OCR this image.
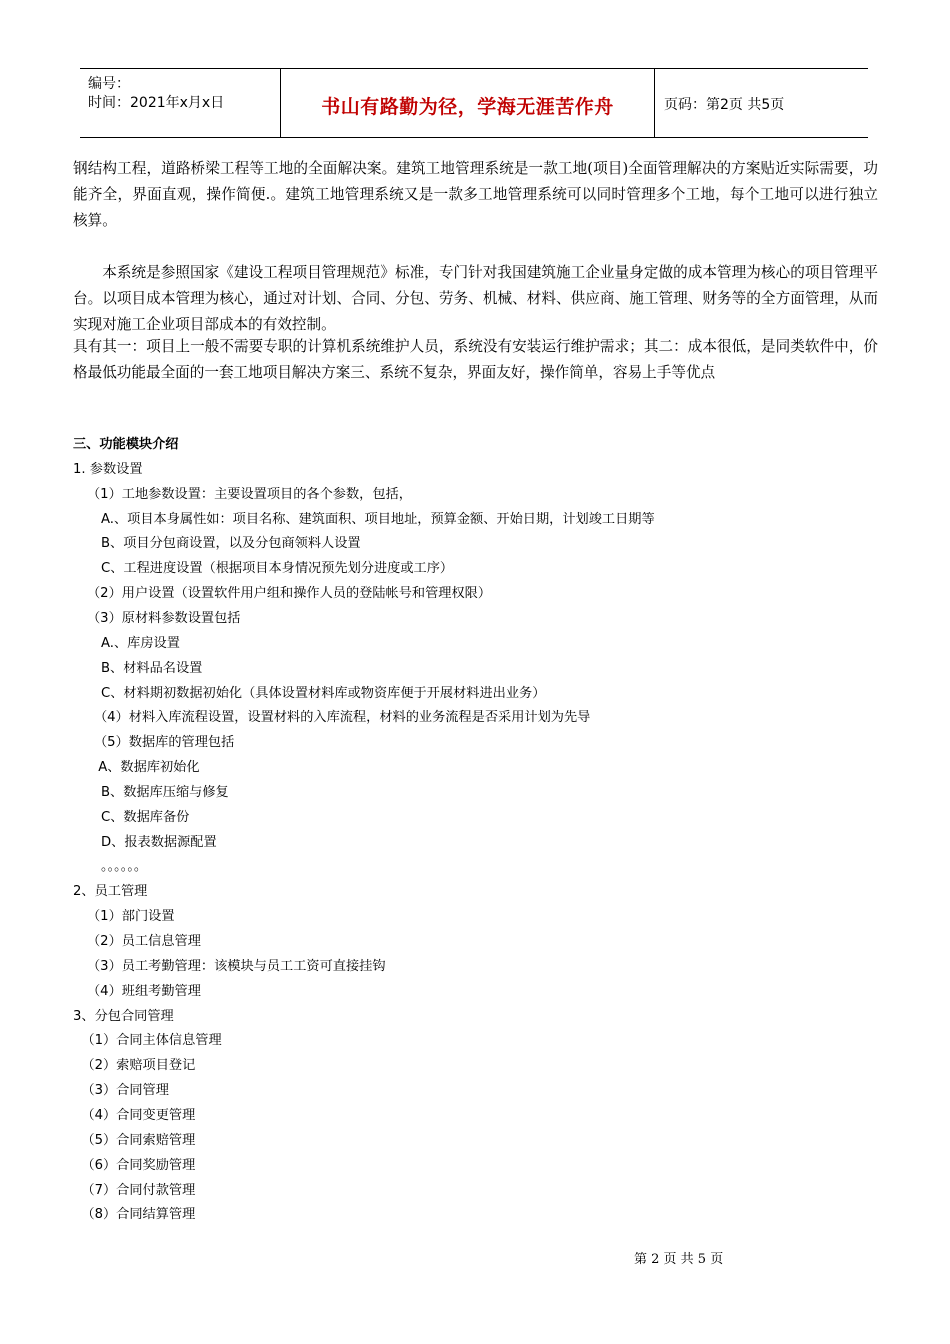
编号：
时间：2021年x月x日	书山有路勤为径，学海无涯苦作舟	页码：第2页 共5页

钢结构工程，道路桥梁工程等工地的全面解决案。建筑工地管理系统是一款工地(项目)全面管理解决的方案贴近实际需要，功能齐全，界面直观，操作简便.。建筑工地管理系统又是一款多工地管理系统可以同时管理多个工地，每个工地可以进行独立核算。

本系统是参照国家《建设工程项目管理规范》标准，专门针对我国建筑施工企业量身定做的成本管理为核心的项目管理平台。以项目成本管理为核心，通过对计划、合同、分包、劳务、机械、材料、供应商、施工管理、财务等的全方面管理，从而实现对施工企业项目部成本的有效控制。

具有其一：项目上一般不需要专职的计算机系统维护人员，系统没有安装运行维护需求；其二：成本很低，是同类软件中，价格最低功能最全面的一套工地项目解决方案三、系统不复杂，界面友好，操作简单，容易上手等优点

三、功能模块介绍
1. 参数设置
（1）工地参数设置：主要设置项目的各个参数，包括，
A.、项目本身属性如：项目名称、建筑面积、项目地址，预算金额、开始日期，计划竣工日期等
B、项目分包商设置，以及分包商领料人设置
C、工程进度设置（根据项目本身情况预先划分进度或工序）
（2）用户设置（设置软件用户组和操作人员的登陆帐号和管理权限）
（3）原材料参数设置包括
A.、库房设置
B、材料品名设置
C、材料期初数据初始化（具体设置材料库或物资库便于开展材料进出业务）
（4）材料入库流程设置，设置材料的入库流程，材料的业务流程是否采用计划为先导
（5）数据库的管理包括
A、数据库初始化
B、数据库压缩与修复
C、数据库备份
D、报表数据源配置
。。。。。。
2、员工管理
（1）部门设置
（2）员工信息管理
（3）员工考勤管理：该模块与员工工资可直接挂钩
（4）班组考勤管理
3、分包合同管理
（1）合同主体信息管理
（2）索赔项目登记
（3）合同管理
（4）合同变更管理
（5）合同索赔管理
（6）合同奖励管理
（7）合同付款管理
（8）合同结算管理
第 2 页 共 5 页
